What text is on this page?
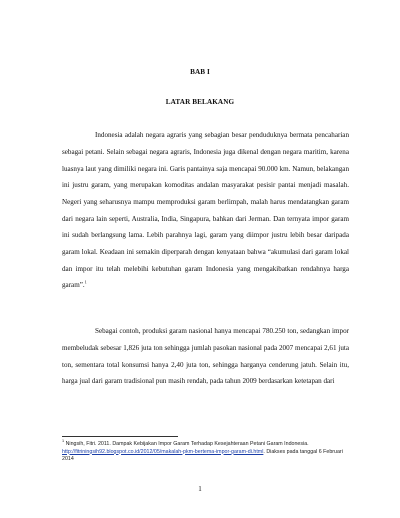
BAB I
LATAR BELAKANG

Indonesia adalah negara agraris yang sebagian besar penduduknya bermata pencaharian sebagai petani. Selain sebagai negara agraris, Indonesia juga dikenal dengan negara maritim, karena luasnya laut yang dimiliki negara ini. Garis pantainya saja mencapai 90.000 km. Namun, belakangan ini justru garam, yang merupakan komoditas andalan masyarakat pesisir pantai menjadi masalah. Negeri yang seharusnya mampu memproduksi garam berlimpah, malah harus mendatangkan garam dari negara lain seperti, Australia, India, Singapura, bahkan dari Jerman. Dan ternyata impor garam ini sudah berlangsung lama. Lebih parahnya lagi, garam yang diimpor justru lebih besar daripada garam lokal. Keadaan ini semakin diperparah dengan kenyataan bahwa “akumulasi dari garam lokal dan impor itu telah melebihi kebutuhan garam Indonesia yang mengakibatkan rendahnya harga garam”.$^1$

Sebagai contoh, produksi garam nasional hanya mencapai 780.250 ton, sedangkan impor membeludak sebesar 1,826 juta ton sehingga jumlah pasokan nasional pada 2007 mencapai 2,61 juta ton, sementara total konsumsi hanya 2,40 juta ton, sehingga harganya cenderung jatuh. Selain itu, harga jual dari garam tradisional pun masih rendah, pada tahun 2009 berdasarkan ketetapan dari

$^1$ Ningsih, Fitri. 2011. Dampak Kebijakan Impor Garam Terhadap Kesejahteraan Petani Garam Indonesia. http://fitriningsih92.blogspot.co.id/2012/05/makalah-pkm-bertema-impor-garam-di.html. Diakses pada tanggal 6 Februari 2014
1
